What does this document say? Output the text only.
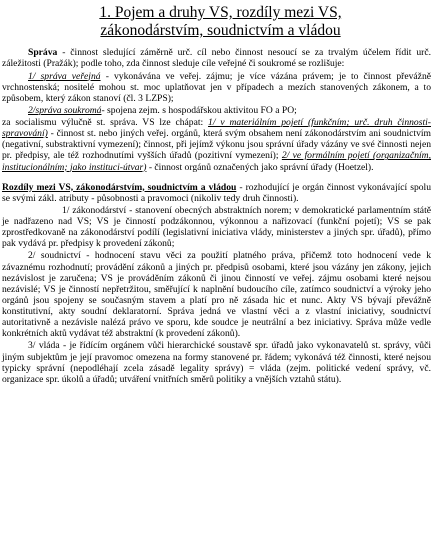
1. Pojem a druhy VS, rozdíly mezi VS,
zákonodárstvím, soudnictvím a vládou

Správa - činnost sledující záměrně urč. cíl nebo činnost nesoucí se za trvalým účelem řídit urč. záležitosti (Pražák); podle toho, zda činnost sleduje cíle veřejné či soukromé se rozlišuje:

1/ správa veřejná - vykonávána ve veřej. zájmu; je více vázána právem; je to činnost převážně vrchnostenská; nositelé mohou st. moc uplatňovat jen v případech a mezích stanovených zákonem, a to způsobem, který zákon stanoví (čl. 3 LZPS);

2/správa soukromá- spojena zejm. s hospodářskou aktivitou FO a PO;

za socialismu výlučně st. správa. VS lze chápat: 1/ v materiálním pojetí (funkčním; urč. druh činnosti-spravování) - činnost st. nebo jiných veřej. orgánů, která svým obsahem není zákonodárstvím ani soudnictvím (negativní, substraktivní vymezení); činnost, při jejímž výkonu jsou správní úřady vázány ve své činnosti nejen pr. předpisy, ale též rozhodnutími vyšších úřadů (pozitivní vymezení); 2/ ve formálním pojetí (organizačním, institucionálním; jako instituci-útvar) - činnost orgánů označených jako správní úřady (Hoetzel).

Rozdíly mezi VS, zákonodárstvím, soudnictvím a vládou - rozhodující je orgán činnost vykonávající spolu se svými zákl. atributy - působnosti a pravomoci (nikoliv tedy druh činnosti).

1/ zákonodárství - stanovení obecných abstraktních norem; v demokratické parlamentním státě je nadřazeno nad VS; VS je činností podzákonnou, výkonnou a nařizovací (funkční pojetí); VS se pak zprostředkovaně na zákonodárství podílí (legislativní iniciativa vlády, ministerstev a jiných spr. úřadů), přímo pak vydává pr. předpisy k provedení zákonů;

2/ soudnictví - hodnocení stavu věci za použití platného práva, přičemž toto hodnocení vede k závaznému rozhodnutí; provádění zákonů a jiných pr. předpisů osobami, které jsou vázány jen zákony, jejich nezávislost je zaručena; VS je prováděním zákonů či jinou činností ve veřej. zájmu osobami které nejsou nezávislé; VS je činností nepřetržitou, směřující k naplnění budoucího cíle, zatímco soudnictví a výroky jeho orgánů jsou spojeny se současným stavem a platí pro ně zásada hic et nunc. Akty VS bývají převážně konstitutivní, akty soudní deklaratorní. Správa jedná ve vlastní věci a z vlastní iniciativy, soudnictví autoritativně a nezávisle nalézá právo ve sporu, kde soudce je neutrální a bez iniciativy. Správa může vedle konkrétních aktů vydávat též abstraktní (k provedení zákonů).

3/ vláda - je řídícím orgánem vůči hierarchické soustavě spr. úřadů jako vykonavatelů st. správy, vůči jiným subjektům je její pravomoc omezena na formy stanovené pr. řádem; vykonává též činnosti, které nejsou typicky správní (nepodléhají zcela zásadě legality správy) = vláda (zejm. politické vedení správy, vč. organizace spr. úkolů a úřadů; utváření vnitřních směrů politiky a vnějších vztahů státu).
